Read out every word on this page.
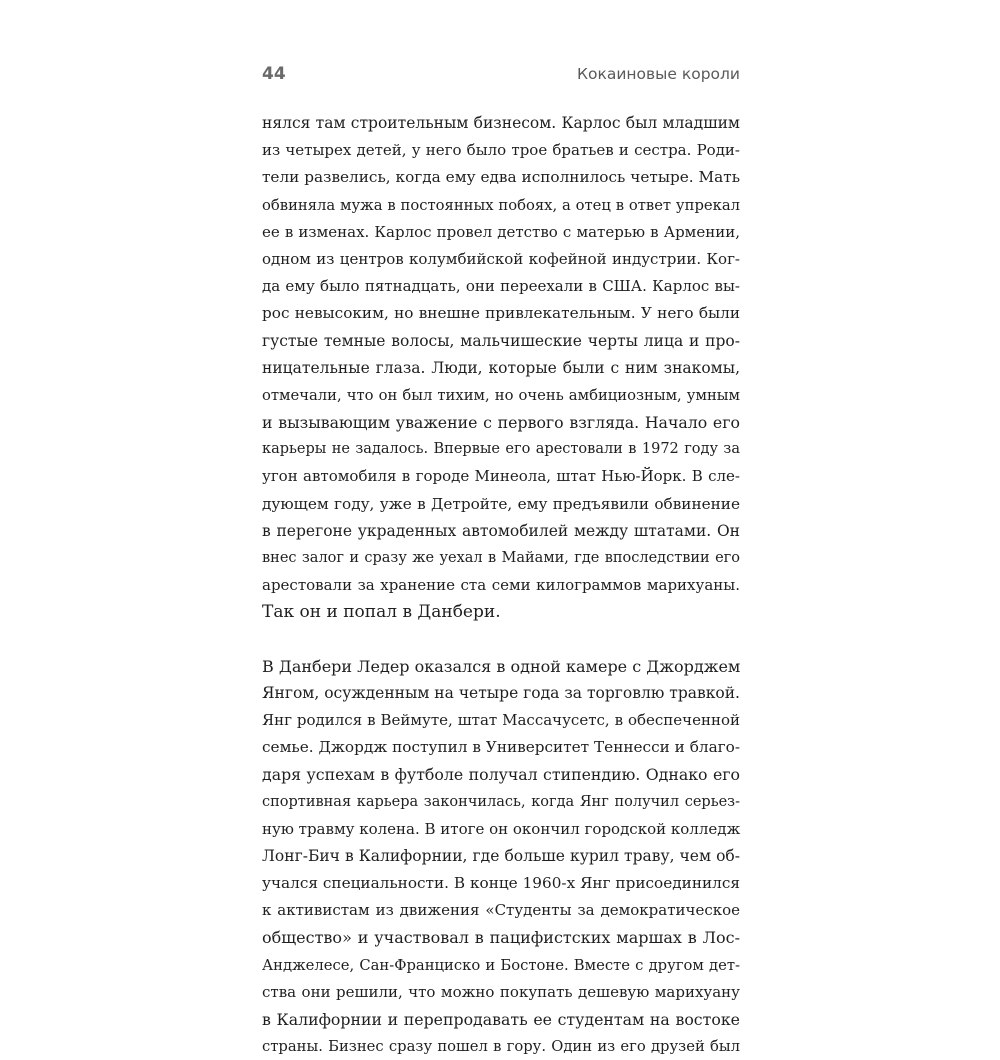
44	Кокаиновые короли
нялся там строительным бизнесом. Карлос был младшим
из четырех детей, у него было трое братьев и сестра. Роди-
тели развелись, когда ему едва исполнилось четыре. Мать
обвиняла мужа в постоянных побоях, а отец в ответ упрекал
ее в изменах. Карлос провел детство с матерью в Армении,
одном из центров колумбийской кофейной индустрии. Ког-
да ему было пятнадцать, они переехали в США. Карлос вы-
рос невысоким, но внешне привлекательным. У него были
густые темные волосы, мальчишеские черты лица и про-
ницательные глаза. Люди, которые были с ним знакомы,
отмечали, что он был тихим, но очень амбициозным, умным
и вызывающим уважение с первого взгляда. Начало его
карьеры не задалось. Впервые его арестовали в 1972 году за
угон автомобиля в городе Минеола, штат Нью-Йорк. В сле-
дующем году, уже в Детройте, ему предъявили обвинение
в перегоне украденных автомобилей между штатами. Он
внес залог и сразу же уехал в Майами, где впоследствии его
арестовали за хранение ста семи килограммов марихуаны.
Так он и попал в Данбери.
В Данбери Ледер оказался в одной камере с Джорджем
Янгом, осужденным на четыре года за торговлю травкой.
Янг родился в Веймуте, штат Массачусетс, в обеспеченной
семье. Джордж поступил в Университет Теннесси и благо-
даря успехам в футболе получал стипендию. Однако его
спортивная карьера закончилась, когда Янг получил серьез-
ную травму колена. В итоге он окончил городской колледж
Лонг-Бич в Калифорнии, где больше курил траву, чем об-
учался специальности. В конце 1960-х Янг присоединился
к активистам из движения «Студенты за демократическое
общество» и участвовал в пацифистских маршах в Лос-
Анджелесе, Сан-Франциско и Бостоне. Вместе с другом дет-
ства они решили, что можно покупать дешевую марихуану
в Калифорнии и перепродавать ее студентам на востоке
страны. Бизнес сразу пошел в гору. Один из его друзей был
